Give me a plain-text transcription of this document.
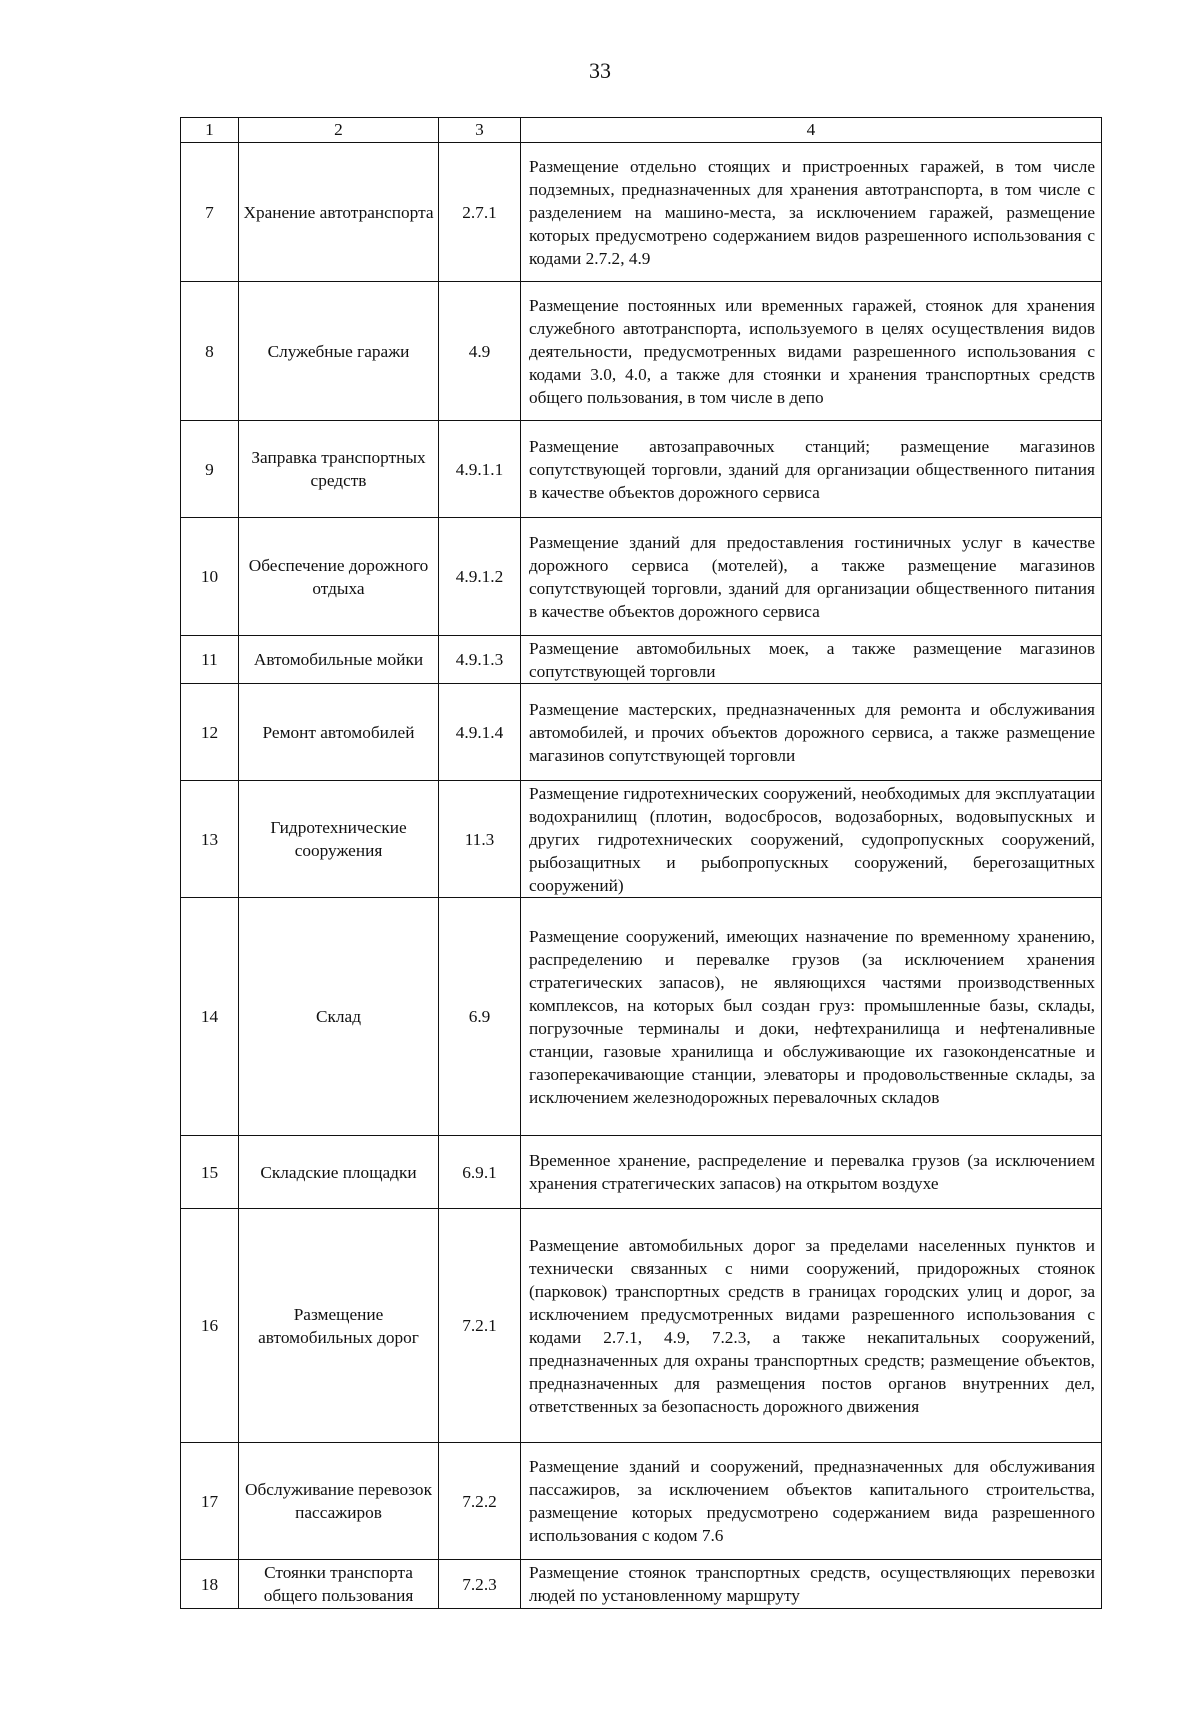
33
1	2	3	4
7	Хранение автотранспорта	2.7.1	Размещение отдельно стоящих и пристроенных гаражей, в том числе подземных, предназначенных для хранения автотранспорта, в том числе с разделением на машино-места, за исключением гаражей, размещение которых предусмотрено содержанием видов разрешенного использования с кодами 2.7.2, 4.9
8	Служебные гаражи	4.9	Размещение постоянных или временных гаражей, стоянок для хранения служебного автотранспорта, используемого в целях осуществления видов деятельности, предусмотренных видами разрешенного использования с кодами 3.0, 4.0, а также для стоянки и хранения транспортных средств общего пользования, в том числе в депо
9	Заправка транспортных средств	4.9.1.1	Размещение автозаправочных станций; размещение магазинов сопутствующей торговли, зданий для организации общественного питания в качестве объектов дорожного сервиса
10	Обеспечение дорожного отдыха	4.9.1.2	Размещение зданий для предоставления гостиничных услуг в качестве дорожного сервиса (мотелей), а также размещение магазинов сопутствующей торговли, зданий для организации общественного питания в качестве объектов дорожного сервиса
11	Автомобильные мойки	4.9.1.3	Размещение автомобильных моек, а также размещение магазинов сопутствующей торговли
12	Ремонт автомобилей	4.9.1.4	Размещение мастерских, предназначенных для ремонта и обслуживания автомобилей, и прочих объектов дорожного сервиса, а также размещение магазинов сопутствующей торговли
13	Гидротехнические сооружения	11.3	Размещение гидротехнических сооружений, необходимых для эксплуатации водохранилищ (плотин, водосбросов, водозаборных, водовыпускных и других гидротехнических сооружений, судопропускных сооружений, рыбозащитных и рыбопропускных сооружений, берегозащитных сооружений)
14	Склад	6.9	Размещение сооружений, имеющих назначение по временному хранению, распределению и перевалке грузов (за исключением хранения стратегических запасов), не являющихся частями производственных комплексов, на которых был создан груз: промышленные базы, склады, погрузочные терминалы и доки, нефтехранилища и нефтеналивные станции, газовые хранилища и обслуживающие их газоконденсатные и газоперекачивающие станции, элеваторы и продовольственные склады, за исключением железнодорожных перевалочных складов
15	Складские площадки	6.9.1	Временное хранение, распределение и перевалка грузов (за исключением хранения стратегических запасов) на открытом воздухе
16	Размещение автомобильных дорог	7.2.1	Размещение автомобильных дорог за пределами населенных пунктов и технически связанных с ними сооружений, придорожных стоянок (парковок) транспортных средств в границах городских улиц и дорог, за исключением предусмотренных видами разрешенного использования с кодами 2.7.1, 4.9, 7.2.3, а также некапитальных сооружений, предназначенных для охраны транспортных средств; размещение объектов, предназначенных для размещения постов органов внутренних дел, ответственных за безопасность дорожного движения
17	Обслуживание перевозок пассажиров	7.2.2	Размещение зданий и сооружений, предназначенных для обслуживания пассажиров, за исключением объектов капитального строительства, размещение которых предусмотрено содержанием вида разрешенного использования с кодом 7.6
18	Стоянки транспорта общего пользования	7.2.3	Размещение стоянок транспортных средств, осуществляющих перевозки людей по установленному маршруту
